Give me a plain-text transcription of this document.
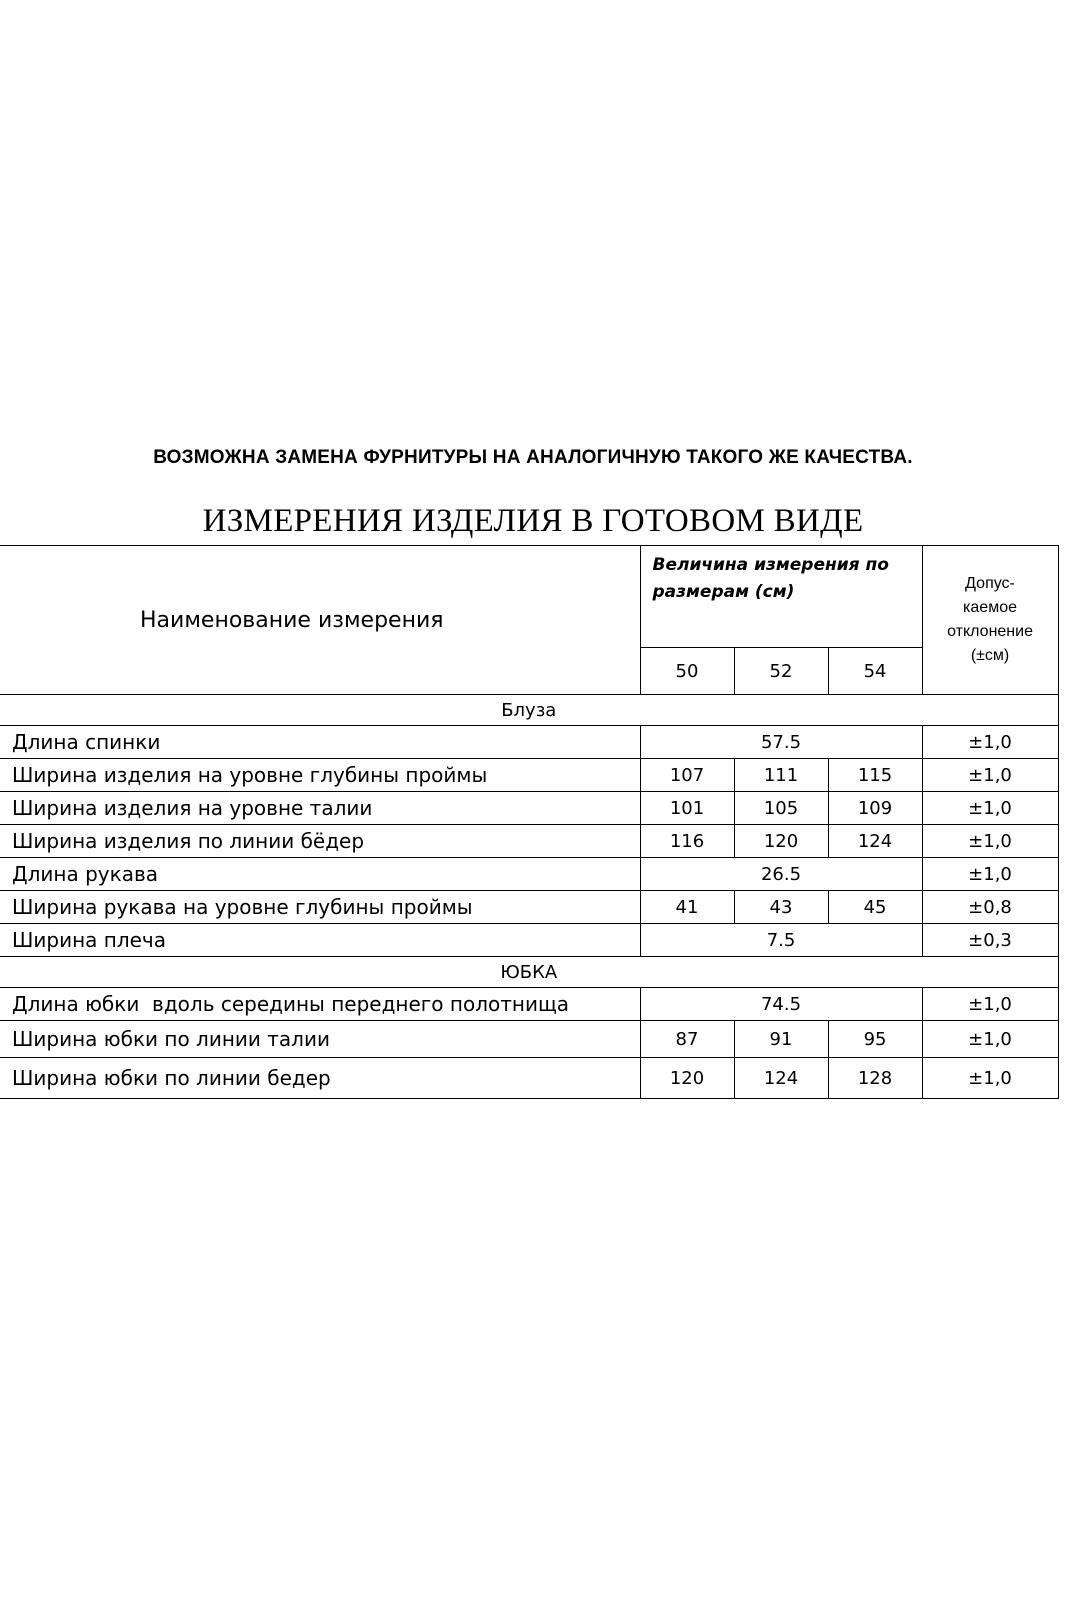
ВОЗМОЖНА ЗАМЕНА ФУРНИТУРЫ НА АНАЛОГИЧНУЮ ТАКОГО ЖЕ КАЧЕСТВА.
ИЗМЕРЕНИЯ ИЗДЕЛИЯ В ГОТОВОМ ВИДЕ
Наименование измерения	Величина измерения по размерам (см)			Допус-
каемое
отклонение
(±см)

	50	52	54	
Блуза				
Длина спинки	57.5			±1,0
Ширина изделия на уровне глубины проймы	107	111	115	±1,0
Ширина изделия на уровне талии	101	105	109	±1,0
Ширина изделия по линии бёдер	116	120	124	±1,0
Длина рукава	26.5			±1,0
Ширина рукава на уровне глубины проймы	41	43	45	±0,8
Ширина плеча	7.5			±0,3
ЮБКА				
Длина юбки  вдоль середины переднего полотнища	74.5			±1,0
Ширина юбки по линии талии	87	91	95	±1,0
Ширина юбки по линии бедер	120	124	128	±1,0
